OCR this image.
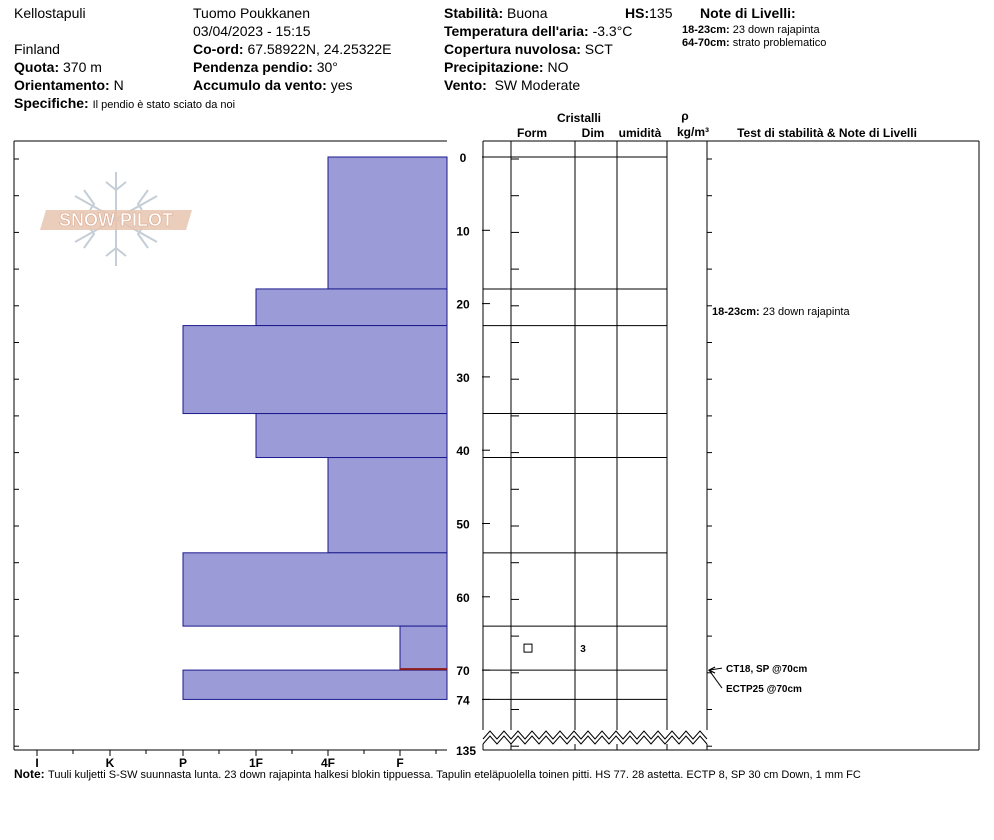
Kellostapuli
Finland
Quota: 370 m
Orientamento: N
Specifiche: Il pendio è stato sciato da noi
Tuomo Poukkanen
03/04/2023 - 15:15
Co-ord: 67.58922N, 24.25322E
Pendenza pendio: 30°
Accumulo da vento: yes
Stabilità: Buona	HS:135
Temperatura dell'aria: -3.3°C
Copertura nuvolosa: SCT
Precipitazione: NO
Vento: SW Moderate
Note di Livelli:
18-23cm: 23 down rajapinta
64-70cm: strato problematico
Cristalli
Form	Dim umidità
ρ
kg/m³ Test di stabilità & Note di Livelli
SNOW PILOT
0
10
20
30
40
50
60
70
74
135
I	K	P	1F	4F	F
3
18-23cm: 23 down rajapinta
CT18, SP @70cm
ECTP25 @70cm
Note: Tuuli kuljetti S-SW suunnasta lunta. 23 down rajapinta halkesi blokin tippuessa. Tapulin eteläpuolella toinen pitti. HS 77. 28 astetta. ECTP 8, SP 30 cm Down, 1 mm FC
